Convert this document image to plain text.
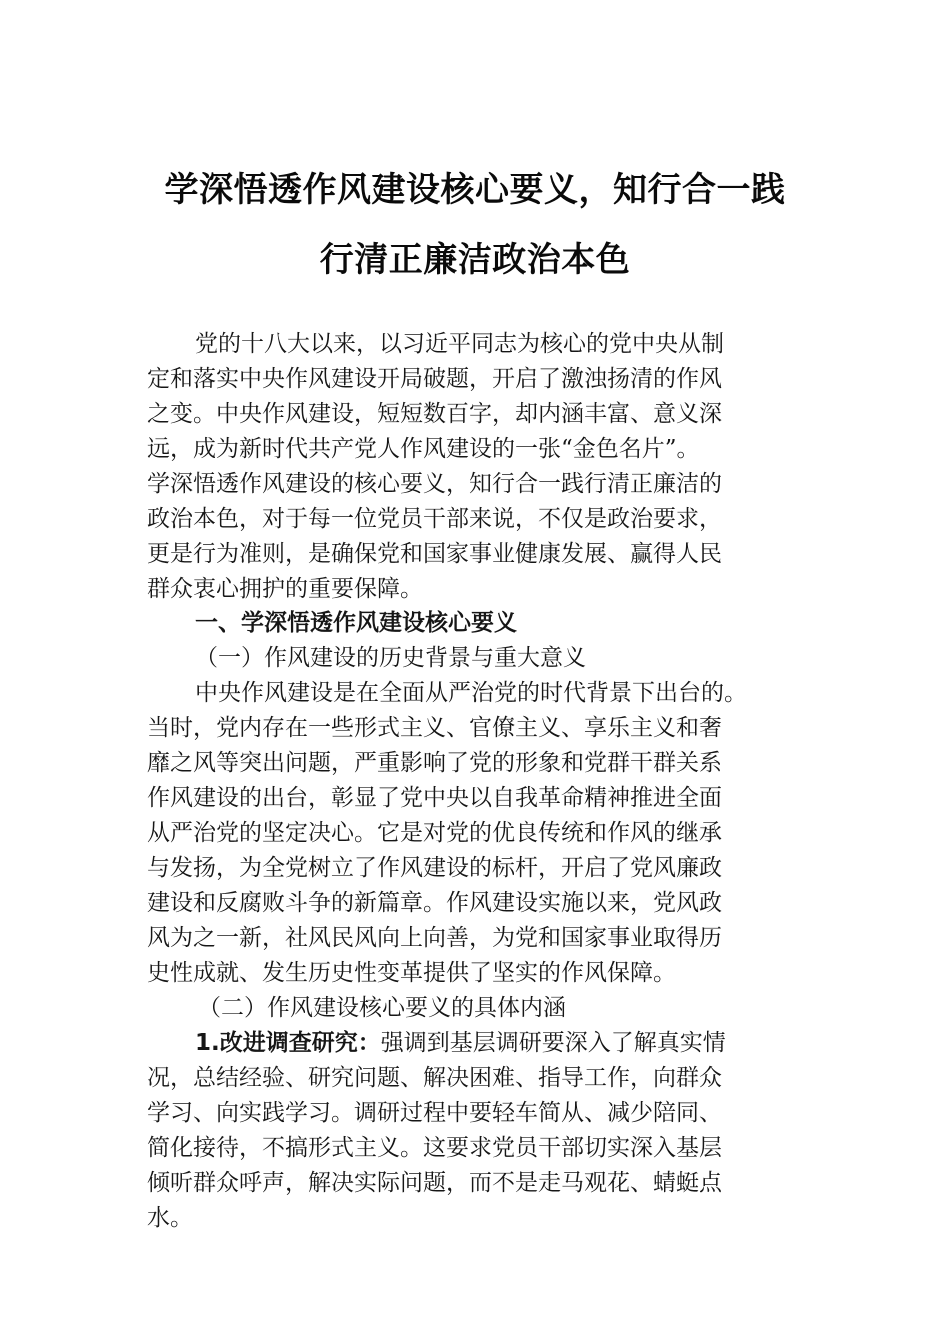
学深悟透作风建设核心要义，知行合一践
行清正廉洁政治本色
党的十八大以来，以习近平同志为核心的党中央从制
定和落实中央作风建设开局破题，开启了激浊扬清的作风
之变。中央作风建设，短短数百字，却内涵丰富、意义深
远，成为新时代共产党人作风建设的一张“金色名片”。
学深悟透作风建设的核心要义，知行合一践行清正廉洁的
政治本色，对于每一位党员干部来说，不仅是政治要求，
更是行为准则，是确保党和国家事业健康发展、赢得人民
群众衷心拥护的重要保障。
一、学深悟透作风建设核心要义
（一）作风建设的历史背景与重大意义
中央作风建设是在全面从严治党的时代背景下出台的。
当时，党内存在一些形式主义、官僚主义、享乐主义和奢
靡之风等突出问题，严重影响了党的形象和党群干群关系
作风建设的出台，彰显了党中央以自我革命精神推进全面
从严治党的坚定决心。它是对党的优良传统和作风的继承
与发扬，为全党树立了作风建设的标杆，开启了党风廉政
建设和反腐败斗争的新篇章。作风建设实施以来，党风政
风为之一新，社风民风向上向善，为党和国家事业取得历
史性成就、发生历史性变革提供了坚实的作风保障。
（二）作风建设核心要义的具体内涵
1.改进调查研究：强调到基层调研要深入了解真实情
况，总结经验、研究问题、解决困难、指导工作，向群众
学习、向实践学习。调研过程中要轻车简从、减少陪同、
简化接待，不搞形式主义。这要求党员干部切实深入基层
倾听群众呼声，解决实际问题，而不是走马观花、蜻蜓点
水。
